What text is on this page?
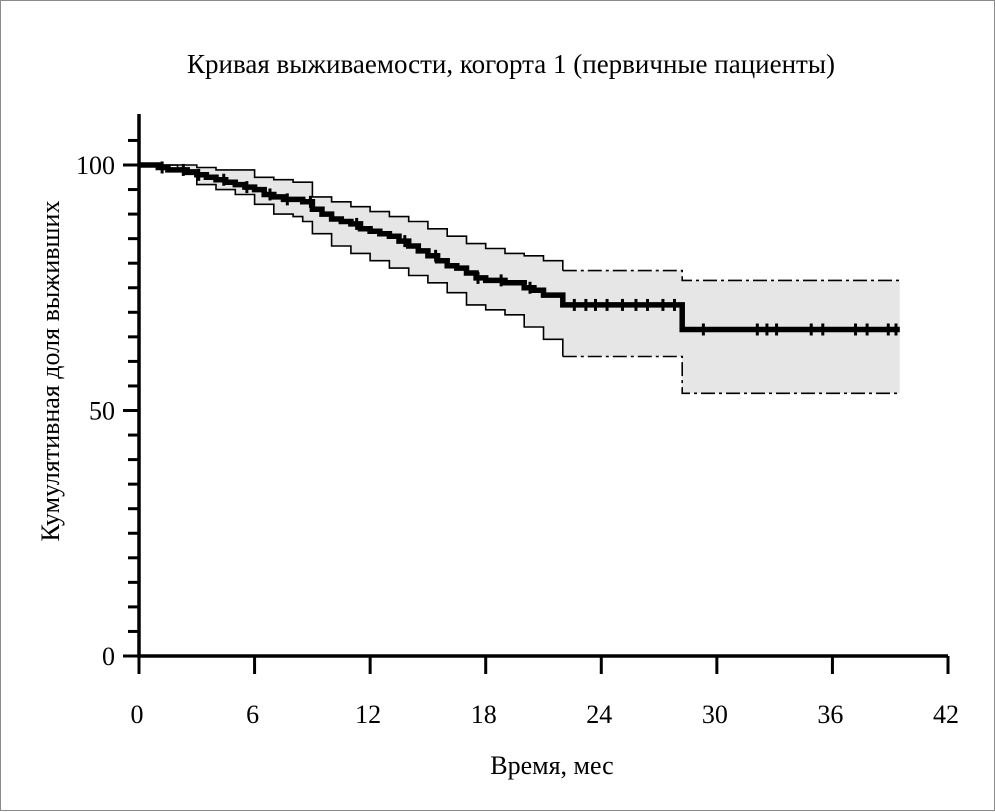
Кривая выживаемости, когорта 1 (первичные пациенты)
Кумулятивная доля выживших
Время, мес
0
50
100
0	6	12	18	24	30	36	42
